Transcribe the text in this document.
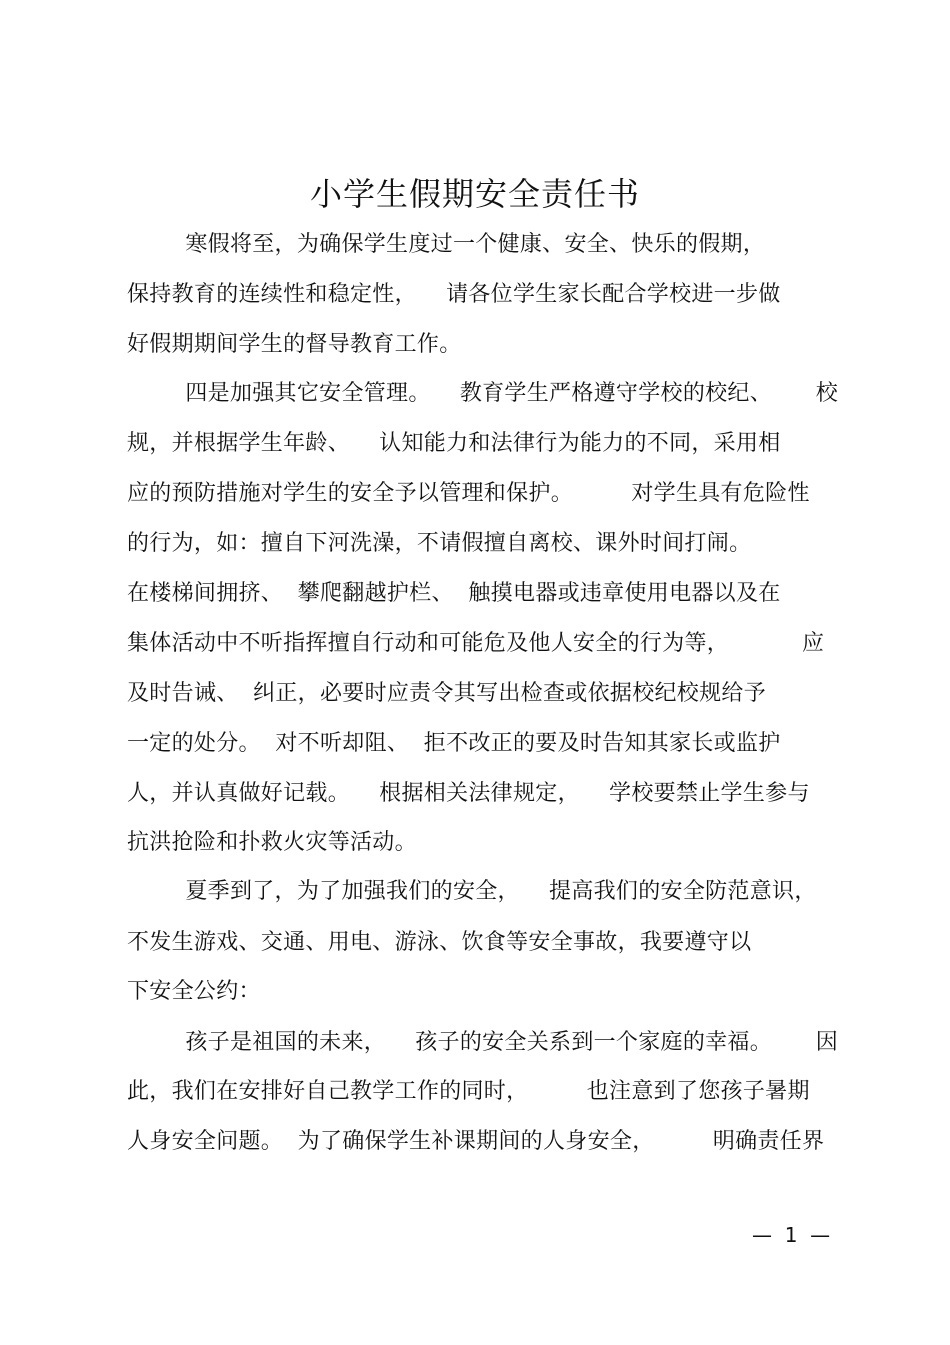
小学生假期安全责任书
寒假将至，为确保学生度过一个健康、安全、快乐的假期，
保持教育的连续性和稳定性，    请各位学生家长配合学校进一步做
好假期期间学生的督导教育工作。
四是加强其它安全管理。    教育学生严格遵守学校的校纪、      校
规，并根据学生年龄、    认知能力和法律行为能力的不同，采用相
应的预防措施对学生的安全予以管理和保护。        对学生具有危险性
的行为，如：擅自下河洗澡，不请假擅自离校、课外时间打闹。
在楼梯间拥挤、  攀爬翻越护栏、  触摸电器或违章使用电器以及在
集体活动中不听指挥擅自行动和可能危及他人安全的行为等，          应
及时告诫、  纠正，必要时应责令其写出检查或依据校纪校规给予
一定的处分。  对不听却阻、  拒不改正的要及时告知其家长或监护
人，并认真做好记载。    根据相关法律规定，    学校要禁止学生参与
抗洪抢险和扑救火灾等活动。
夏季到了，为了加强我们的安全，    提高我们的安全防范意识，
不发生游戏、交通、用电、游泳、饮食等安全事故，我要遵守以
下安全公约：
孩子是祖国的未来，    孩子的安全关系到一个家庭的幸福。      因
此，我们在安排好自己教学工作的同时，        也注意到了您孩子暑期
人身安全问题。  为了确保学生补课期间的人身安全，        明确责任界
—  1  —
